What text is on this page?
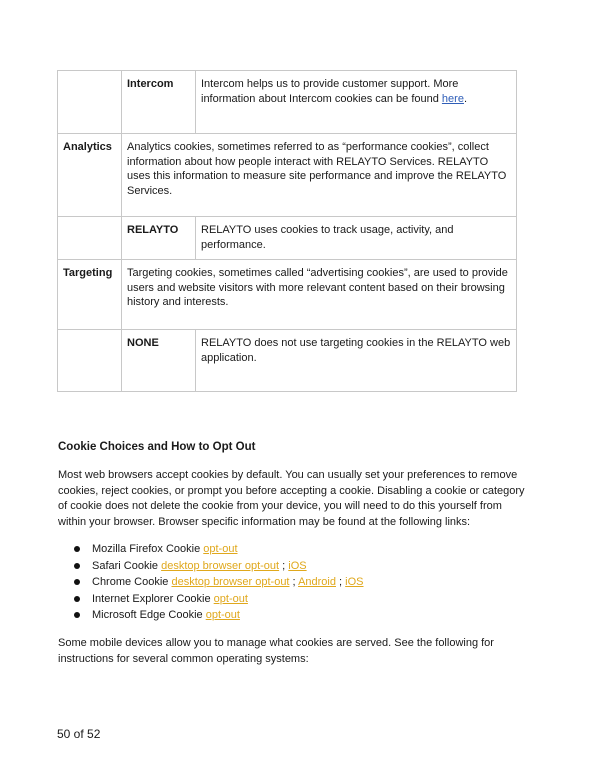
	Intercom	Intercom helps us to provide customer support. More information about Intercom cookies can be found here.
Analytics	Analytics cookies, sometimes referred to as “performance cookies”, collect information about how people interact with RELAYTO Services. RELAYTO uses this information to measure site performance and improve the RELAYTO Services.	
	RELAYTO	RELAYTO uses cookies to track usage, activity, and performance.
Targeting	Targeting cookies, sometimes called “advertising cookies”, are used to provide users and website visitors with more relevant content based on their browsing history and interests.	
	NONE	RELAYTO does not use targeting cookies in the RELAYTO web application.

Cookie Choices and How to Opt Out

Most web browsers accept cookies by default. You can usually set your preferences to remove cookies, reject cookies, or prompt you before accepting a cookie. Disabling a cookie or category of cookie does not delete the cookie from your device, you will need to do this yourself from within your browser. Browser specific information may be found at the following links:

Mozilla Firefox Cookie opt-out
Safari Cookie desktop browser opt-out ; iOS
Chrome Cookie desktop browser opt-out ; Android ; iOS
Internet Explorer Cookie opt-out
Microsoft Edge Cookie opt-out

Some mobile devices allow you to manage what cookies are served. See the following for instructions for several common operating systems:

50 of 52
